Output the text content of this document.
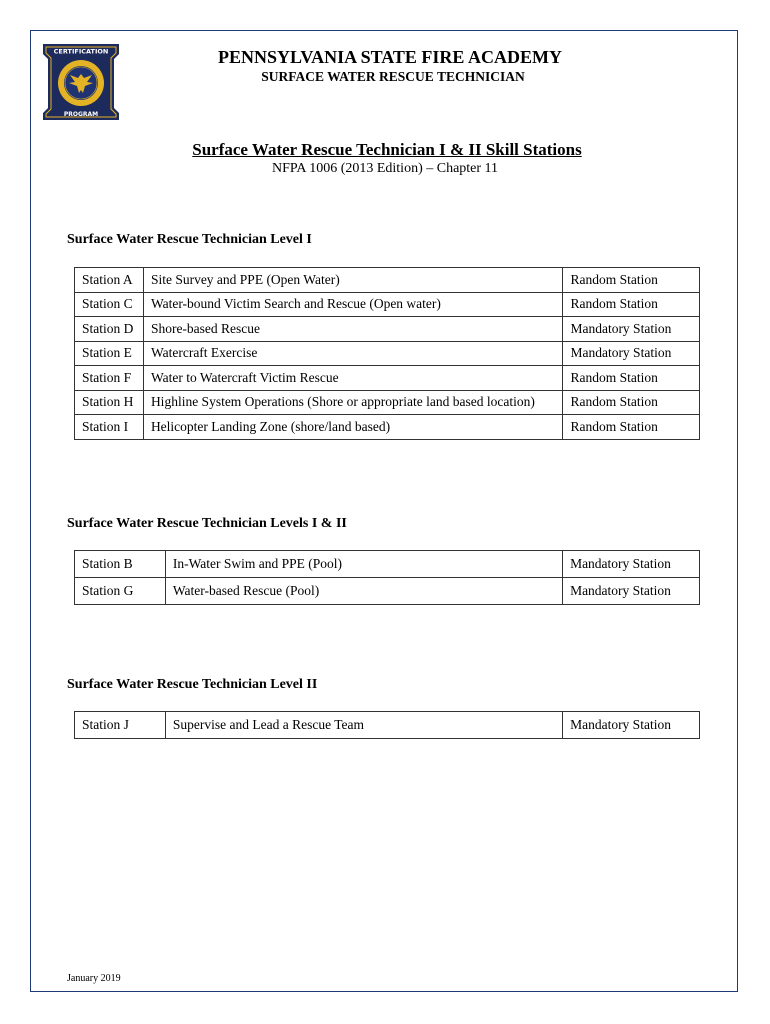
CERTIFICATION
PROGRAM
PENNSYLVANIA STATE FIRE ACADEMY
SURFACE WATER RESCUE TECHNICIAN
Surface Water Rescue Technician I & II Skill Stations
NFPA 1006 (2013 Edition) – Chapter 11
Surface Water Rescue Technician Level I
Station A	Site Survey and PPE (Open Water)	Random Station
Station C	Water-bound Victim Search and Rescue (Open water)	Random Station
Station D	Shore-based Rescue	Mandatory Station
Station E	Watercraft Exercise	Mandatory Station
Station F	Water to Watercraft Victim Rescue	Random Station
Station H	Highline System Operations (Shore or appropriate land based location)	Random Station
Station I	Helicopter Landing Zone (shore/land based)	Random Station
Surface Water Rescue Technician Levels I & II
Station B	In-Water Swim and PPE (Pool)	Mandatory Station
Station G	Water-based Rescue (Pool)	Mandatory Station
Surface Water Rescue Technician Level II
Station J	Supervise and Lead a Rescue Team	Mandatory Station
January 2019
